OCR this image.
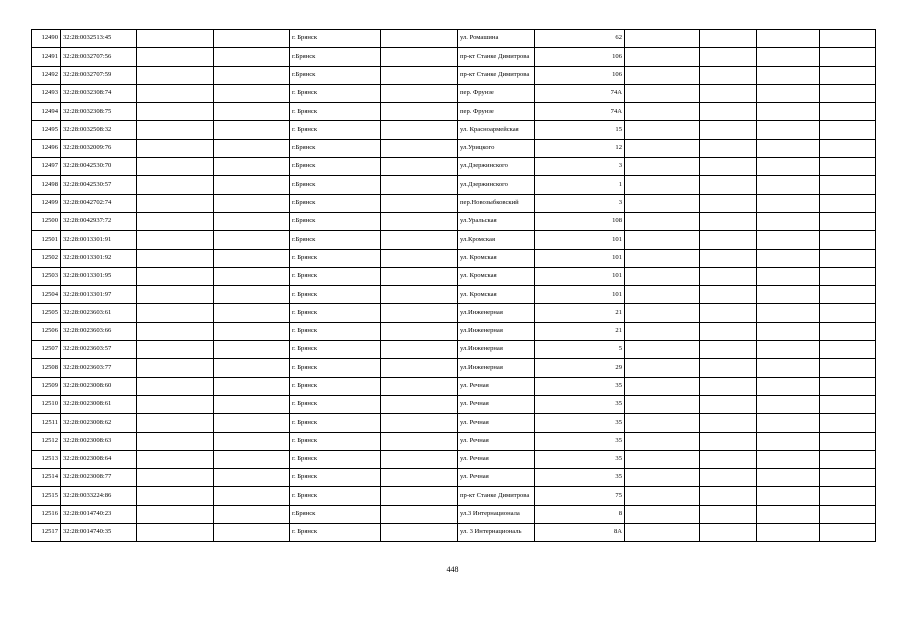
12490	32:28:0032513:45			г. Брянск		ул. Ромашина	62				
12491	32:28:0032707:56			г.Брянск		пр-кт Станке Димитрова	106				
12492	32:28:0032707:59			г.Брянск		пр-кт Станке Димитрова	106				
12493	32:28:0032308:74			г. Брянск		пер. Фрунзе	74А				
12494	32:28:0032308:75			г. Брянск		пер. Фрунзе	74А				
12495	32:28:0032508:32			г. Брянск		ул. Красноармейская	15				
12496	32:28:0032009:76			г.Брянск		ул.Урицкого	12				
12497	32:28:0042530:70			г.Брянск		ул.Дзержинского	3				
12498	32:28:0042530:57			г.Брянск		ул.Дзержинского	1				
12499	32:28:0042702:74			г.Брянск		пер.Новозыбковский	3				
12500	32:28:0042937:72			г.Брянск		ул.Уральская	108				
12501	32:28:0013301:91			г.Брянск		ул.Кромская	101				
12502	32:28:0013301:92			г. Брянск		ул. Кромская	101				
12503	32:28:0013301:95			г. Брянск		ул. Кромская	101				
12504	32:28:0013301:97			г. Брянск		ул. Кромская	101				
12505	32:28:0023603:61			г. Брянск		ул.Инженерная	21				
12506	32:28:0023603:66			г. Брянск		ул.Инженерная	21				
12507	32:28:0023603:57			г. Брянск		ул.Инженерная	5				
12508	32:28:0023603:77			г. Брянск		ул.Инженерная	29				
12509	32:28:0023008:60			г. Брянск		ул. Речная	35				
12510	32:28:0023008:61			г. Брянск		ул. Речная	35				
12511	32:28:0023008:62			г. Брянск		ул. Речная	35				
12512	32:28:0023008:63			г. Брянск		ул. Речная	35				
12513	32:28:0023008:64			г. Брянск		ул. Речная	35				
12514	32:28:0023008:77			г. Брянск		ул. Речная	35				
12515	32:28:0033224:86			г. Брянск		пр-кт Станке Димитрова	75				
12516	32:28:0014740:23			г.Брянск		ул.3 Интернационала	8				
12517	32:28:0014740:35			г. Брянск		ул. 3 Интернациональ	8А				
448
